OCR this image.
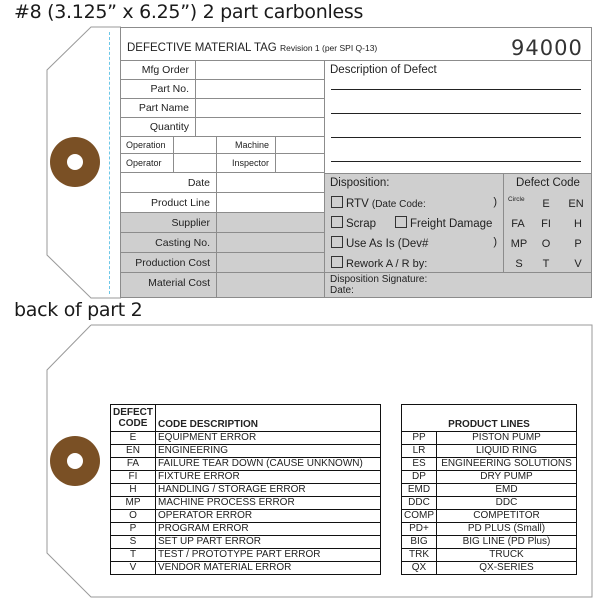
#8 (3.125” x 6.25”) 2 part carbonless
back of part 2
DEFECTIVE MATERIAL TAG Revision 1 (per SPI Q-13)	94000
Mfg Order
Part No.
Part Name
Quantity
Operation	Machine
Operator	Inspector
Date
Product Line
Supplier
Casting No.
Production Cost
Material Cost
Description of Defect
Disposition:
RTV (Date Code:	)
Scrap	Freight Damage
Use As Is (Dev#	)
Rework A / R by:
Defect Code
Circle	E	EN
FA	FI	H
MP	O	P
S	T	V
Disposition Signature:
Date:
DEFECT
CODE	CODE DESCRIPTION
E	EQUIPMENT ERROR
EN	ENGINEERING
FA	FAILURE TEAR DOWN (CAUSE UNKNOWN)
FI	FIXTURE ERROR
H	HANDLING / STORAGE ERROR
MP	MACHINE PROCESS ERROR
O	OPERATOR ERROR
P	PROGRAM ERROR
S	SET UP PART ERROR
T	TEST / PROTOTYPE PART ERROR
V	VENDOR MATERIAL ERROR
PRODUCT LINES	
PP	PISTON PUMP
LR	LIQUID RING
ES	ENGINEERING SOLUTIONS
DP	DRY PUMP
EMD	EMD
DDC	DDC
COMP	COMPETITOR
PD+	PD PLUS (Small)
BIG	BIG LINE (PD Plus)
TRK	TRUCK
QX	QX-SERIES
